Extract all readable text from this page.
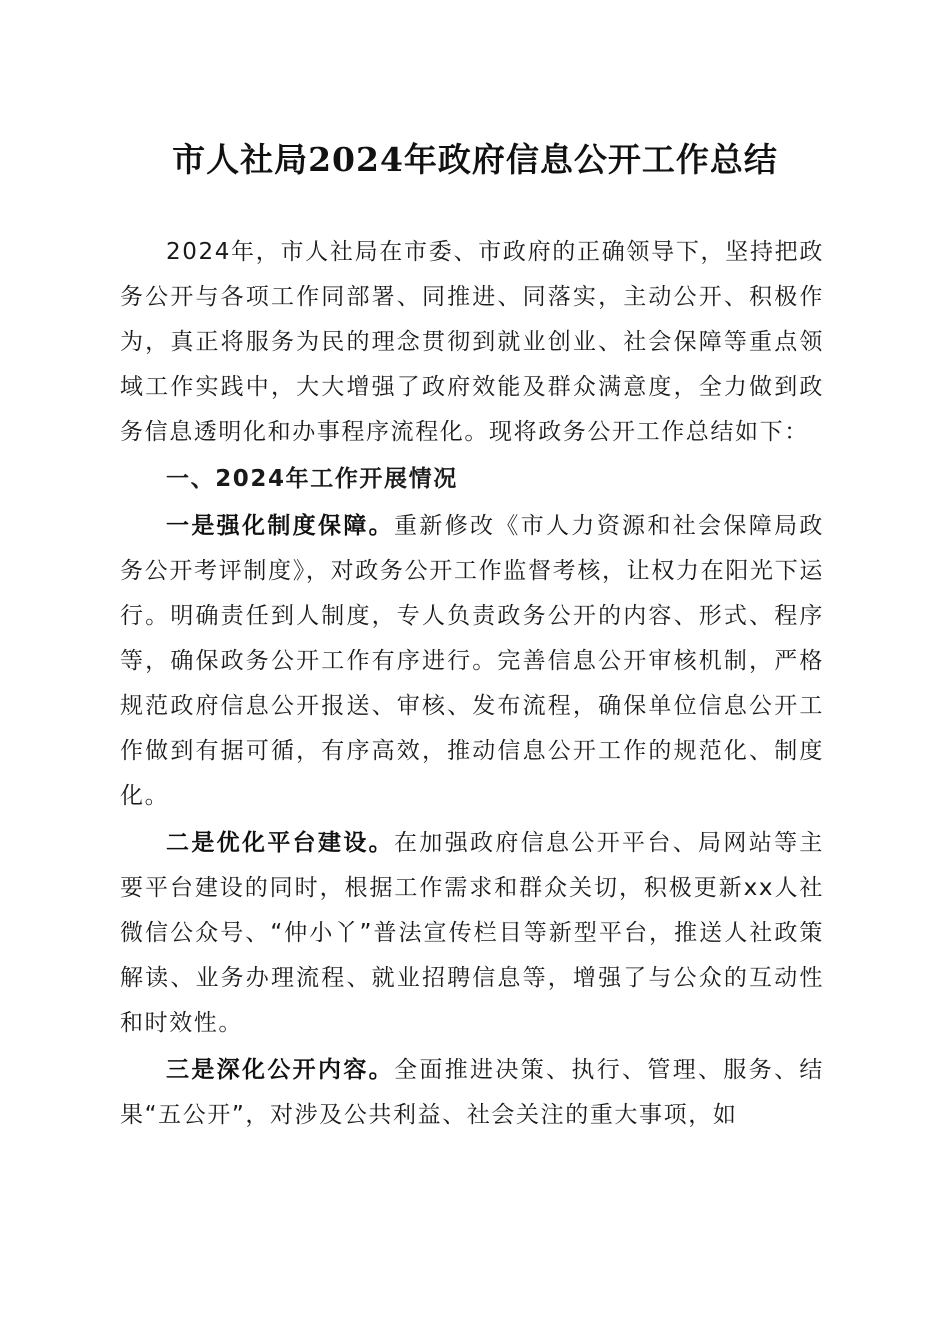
市人社局2024年政府信息公开工作总结

2024年，市人社局在市委、市政府的正确领导下，坚持把政务公开与各项工作同部署、同推进、同落实，主动公开、积极作为，真正将服务为民的理念贯彻到就业创业、社会保障等重点领域工作实践中，大大增强了政府效能及群众满意度，全力做到政务信息透明化和办事程序流程化。现将政务公开工作总结如下：

一、2024年工作开展情况

一是强化制度保障。重新修改《市人力资源和社会保障局政务公开考评制度》，对政务公开工作监督考核，让权力在阳光下运行。明确责任到人制度，专人负责政务公开的内容、形式、程序等，确保政务公开工作有序进行。完善信息公开审核机制，严格规范政府信息公开报送、审核、发布流程，确保单位信息公开工作做到有据可循，有序高效，推动信息公开工作的规范化、制度化。

二是优化平台建设。在加强政府信息公开平台、局网站等主要平台建设的同时，根据工作需求和群众关切，积极更新xx人社微信公众号、“仲小丫”普法宣传栏目等新型平台，推送人社政策解读、业务办理流程、就业招聘信息等，增强了与公众的互动性和时效性。

三是深化公开内容。全面推进决策、执行、管理、服务、结果“五公开”，对涉及公共利益、社会关注的重大事项，如
